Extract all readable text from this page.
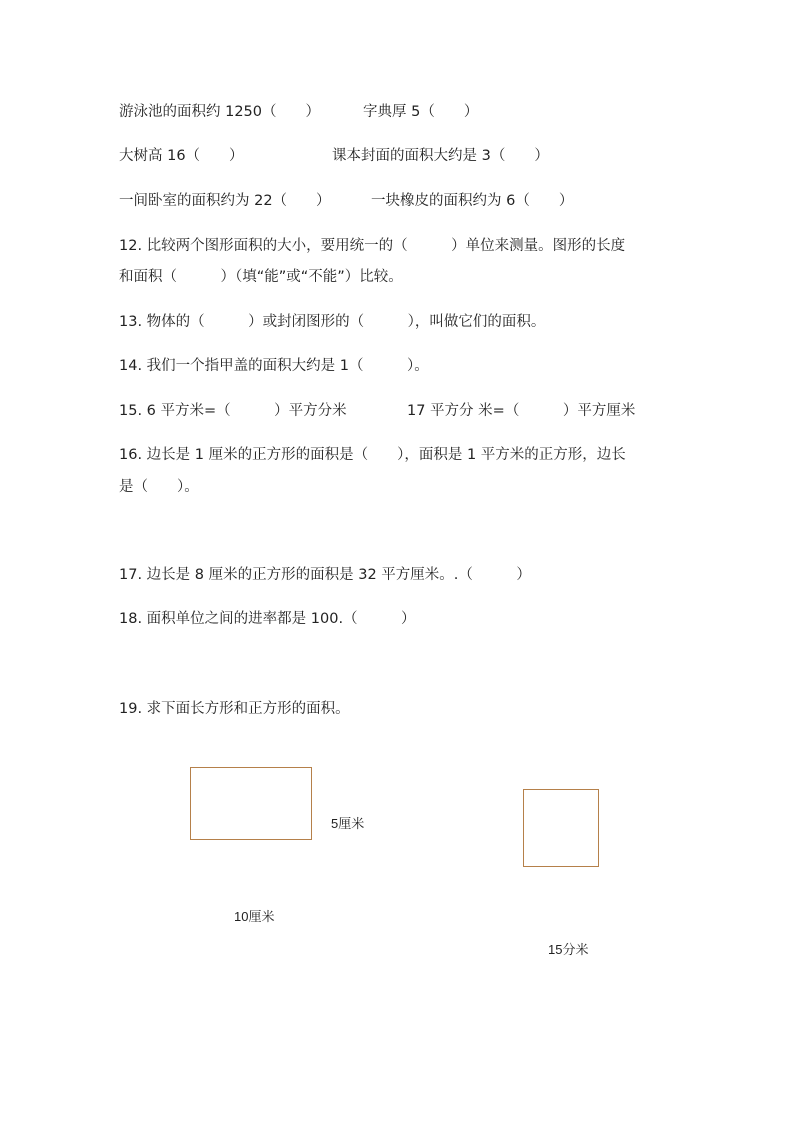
游泳池的面积约 1250（　　）	字典厚 5（　　）
大树高 16（　　）	课本封面的面积大约是 3（　　）
一间卧室的面积约为 22（　　）	一块橡皮的面积约为 6（　　）
12. 比较两个图形面积的大小，要用统一的（　　　）单位来测量。图形的长度
和面积（　　　）（填“能”或“不能”）比较。
13. 物体的（　　　）或封闭图形的（　　　），叫做它们的面积。
14. 我们一个指甲盖的面积大约是 1（　　　）。
15. 6 平方米=（　　　）平方分米	17 平方分 米=（　　　）平方厘米
16. 边长是 1 厘米的正方形的面积是（　　），面积是 1 平方米的正方形，边长
是（　　）。
17. 边长是 8 厘米的正方形的面积是 32 平方厘米。.（　　　）
18. 面积单位之间的进率都是 100.（　　　）
19. 求下面长方形和正方形的面积。
5厘米
10厘米
15分米
